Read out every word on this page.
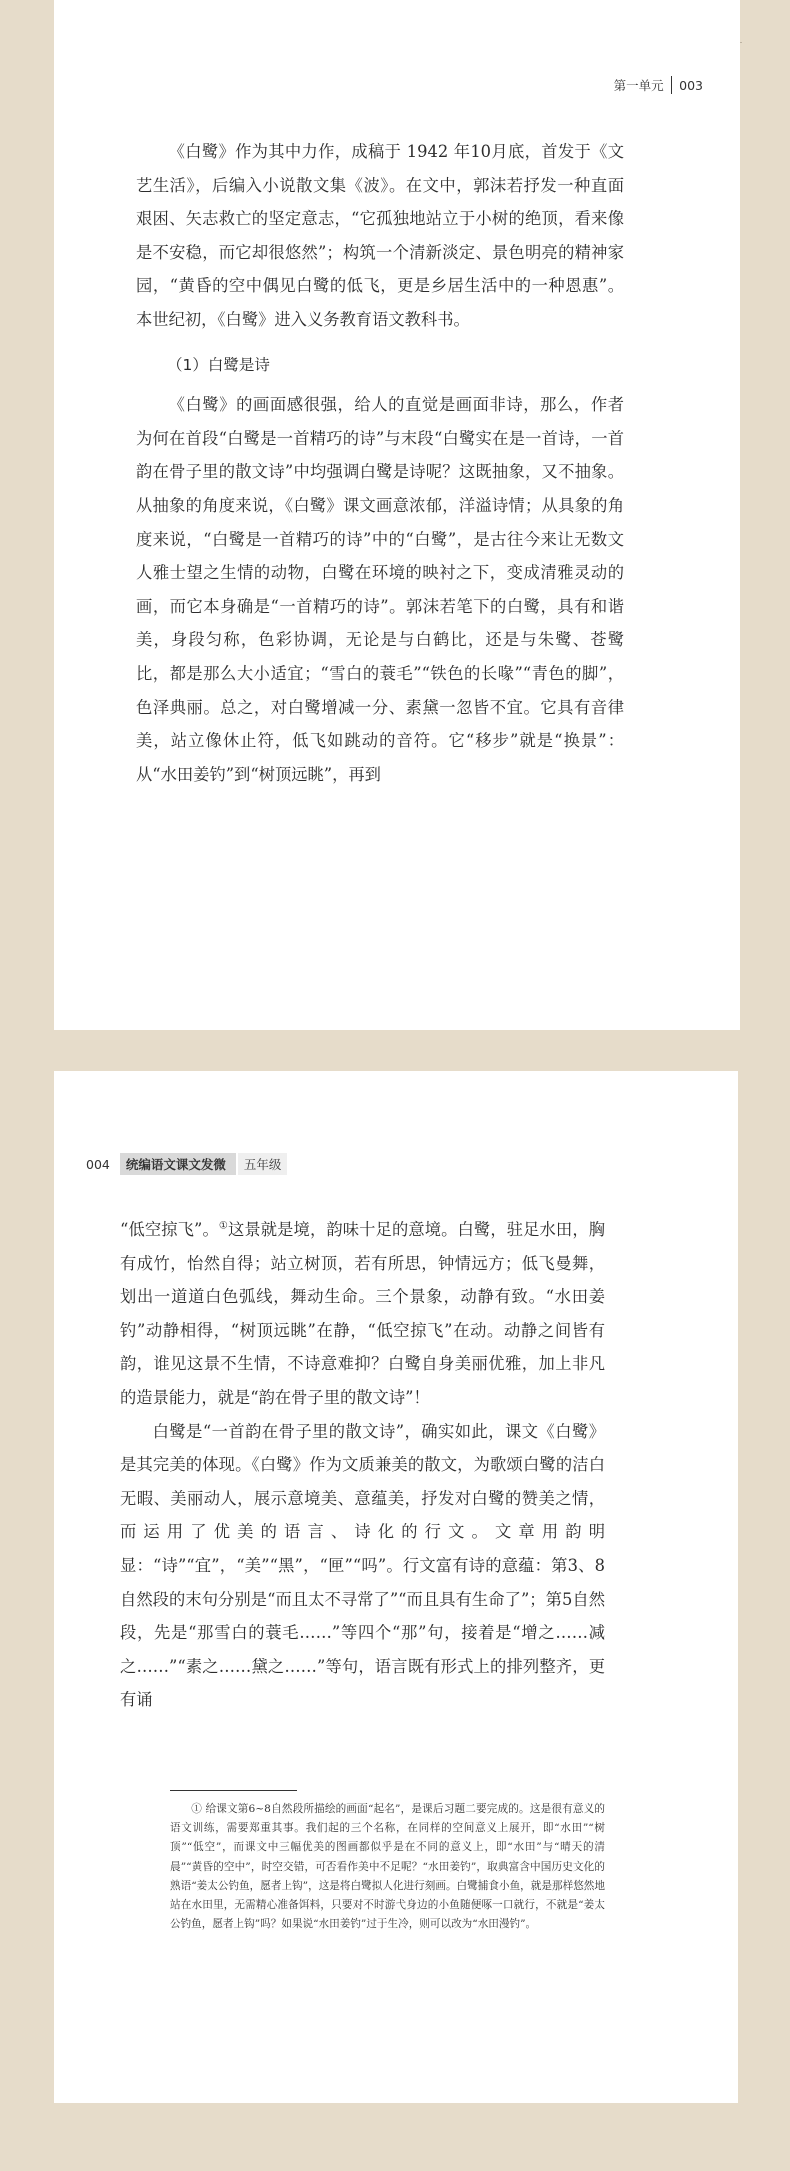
第一单元 003

《白鹭》作为其中力作，成稿于 1942 年10月底，首发于《文艺生活》，后编入小说散文集《波》。在文中，郭沫若抒发一种直面艰困、矢志救亡的坚定意志，“它孤独地站立于小树的绝顶，看来像是不安稳，而它却很悠然”；构筑一个清新淡定、景色明亮的精神家园，“黄昏的空中偶见白鹭的低飞，更是乡居生活中的一种恩惠”。本世纪初，《白鹭》进入义务教育语文教科书。

（1）白鹭是诗

《白鹭》的画面感很强，给人的直觉是画面非诗，那么，作者为何在首段“白鹭是一首精巧的诗”与末段“白鹭实在是一首诗，一首韵在骨子里的散文诗”中均强调白鹭是诗呢？这既抽象，又不抽象。从抽象的角度来说，《白鹭》课文画意浓郁，洋溢诗情；从具象的角度来说，“白鹭是一首精巧的诗”中的“白鹭”，是古往今来让无数文人雅士望之生情的动物，白鹭在环境的映衬之下，变成清雅灵动的画，而它本身确是“一首精巧的诗”。郭沫若笔下的白鹭，具有和谐美，身段匀称，色彩协调，无论是与白鹤比，还是与朱鹭、苍鹭比，都是那么大小适宜；“雪白的蓑毛”“铁色的长喙”“青色的脚”，色泽典丽。总之，对白鹭增减一分、素黛一忽皆不宜。它具有音律美，站立像休止符，低飞如跳动的音符。它“移步”就是“换景”：从“水田姜钓”到“树顶远眺”，再到

004	统编语文课文发微	五年级

“低空掠飞”。①这景就是境，韵味十足的意境。白鹭，驻足水田，胸有成竹，怡然自得；站立树顶，若有所思，钟情远方；低飞曼舞，划出一道道白色弧线，舞动生命。三个景象，动静有致。“水田姜钓”动静相得，“树顶远眺”在静，“低空掠飞”在动。动静之间皆有韵，谁见这景不生情，不诗意难抑？白鹭自身美丽优雅，加上非凡的造景能力，就是“韵在骨子里的散文诗”！

白鹭是“一首韵在骨子里的散文诗”，确实如此，课文《白鹭》是其完美的体现。《白鹭》作为文质兼美的散文，为歌颂白鹭的洁白无暇、美丽动人，展示意境美、意蕴美，抒发对白鹭的赞美之情，而运用了优美的语言、诗化的行文。文章用韵明显：“诗”“宜”，“美”“黑”，“匣”“吗”。行文富有诗的意蕴：第3、8自然段的末句分别是“而且太不寻常了”“而且具有生命了”；第5自然段，先是“那雪白的蓑毛……”等四个“那”句，接着是“增之……减之……”“素之……黛之……”等句，语言既有形式上的排列整齐，更有诵

① 给课文第6~8自然段所描绘的画面“起名”，是课后习题二要完成的。这是很有意义的语文训练，需要郑重其事。我们起的三个名称，在同样的空间意义上展开，即“水田”“树顶”“低空”，而课文中三幅优美的图画都似乎是在不同的意义上，即“水田”与“晴天的清晨”“黄昏的空中”，时空交错，可否看作美中不足呢？“水田姜钓”，取典富含中国历史文化的熟语“姜太公钓鱼，愿者上钩”，这是将白鹭拟人化进行刻画。白鹭捕食小鱼，就是那样悠然地站在水田里，无需精心准备饵料，只要对不时游弋身边的小鱼随便啄一口就行，不就是“姜太公钓鱼，愿者上钩”吗？如果说“水田姜钓”过于生冷，则可以改为“水田漫钓”。
